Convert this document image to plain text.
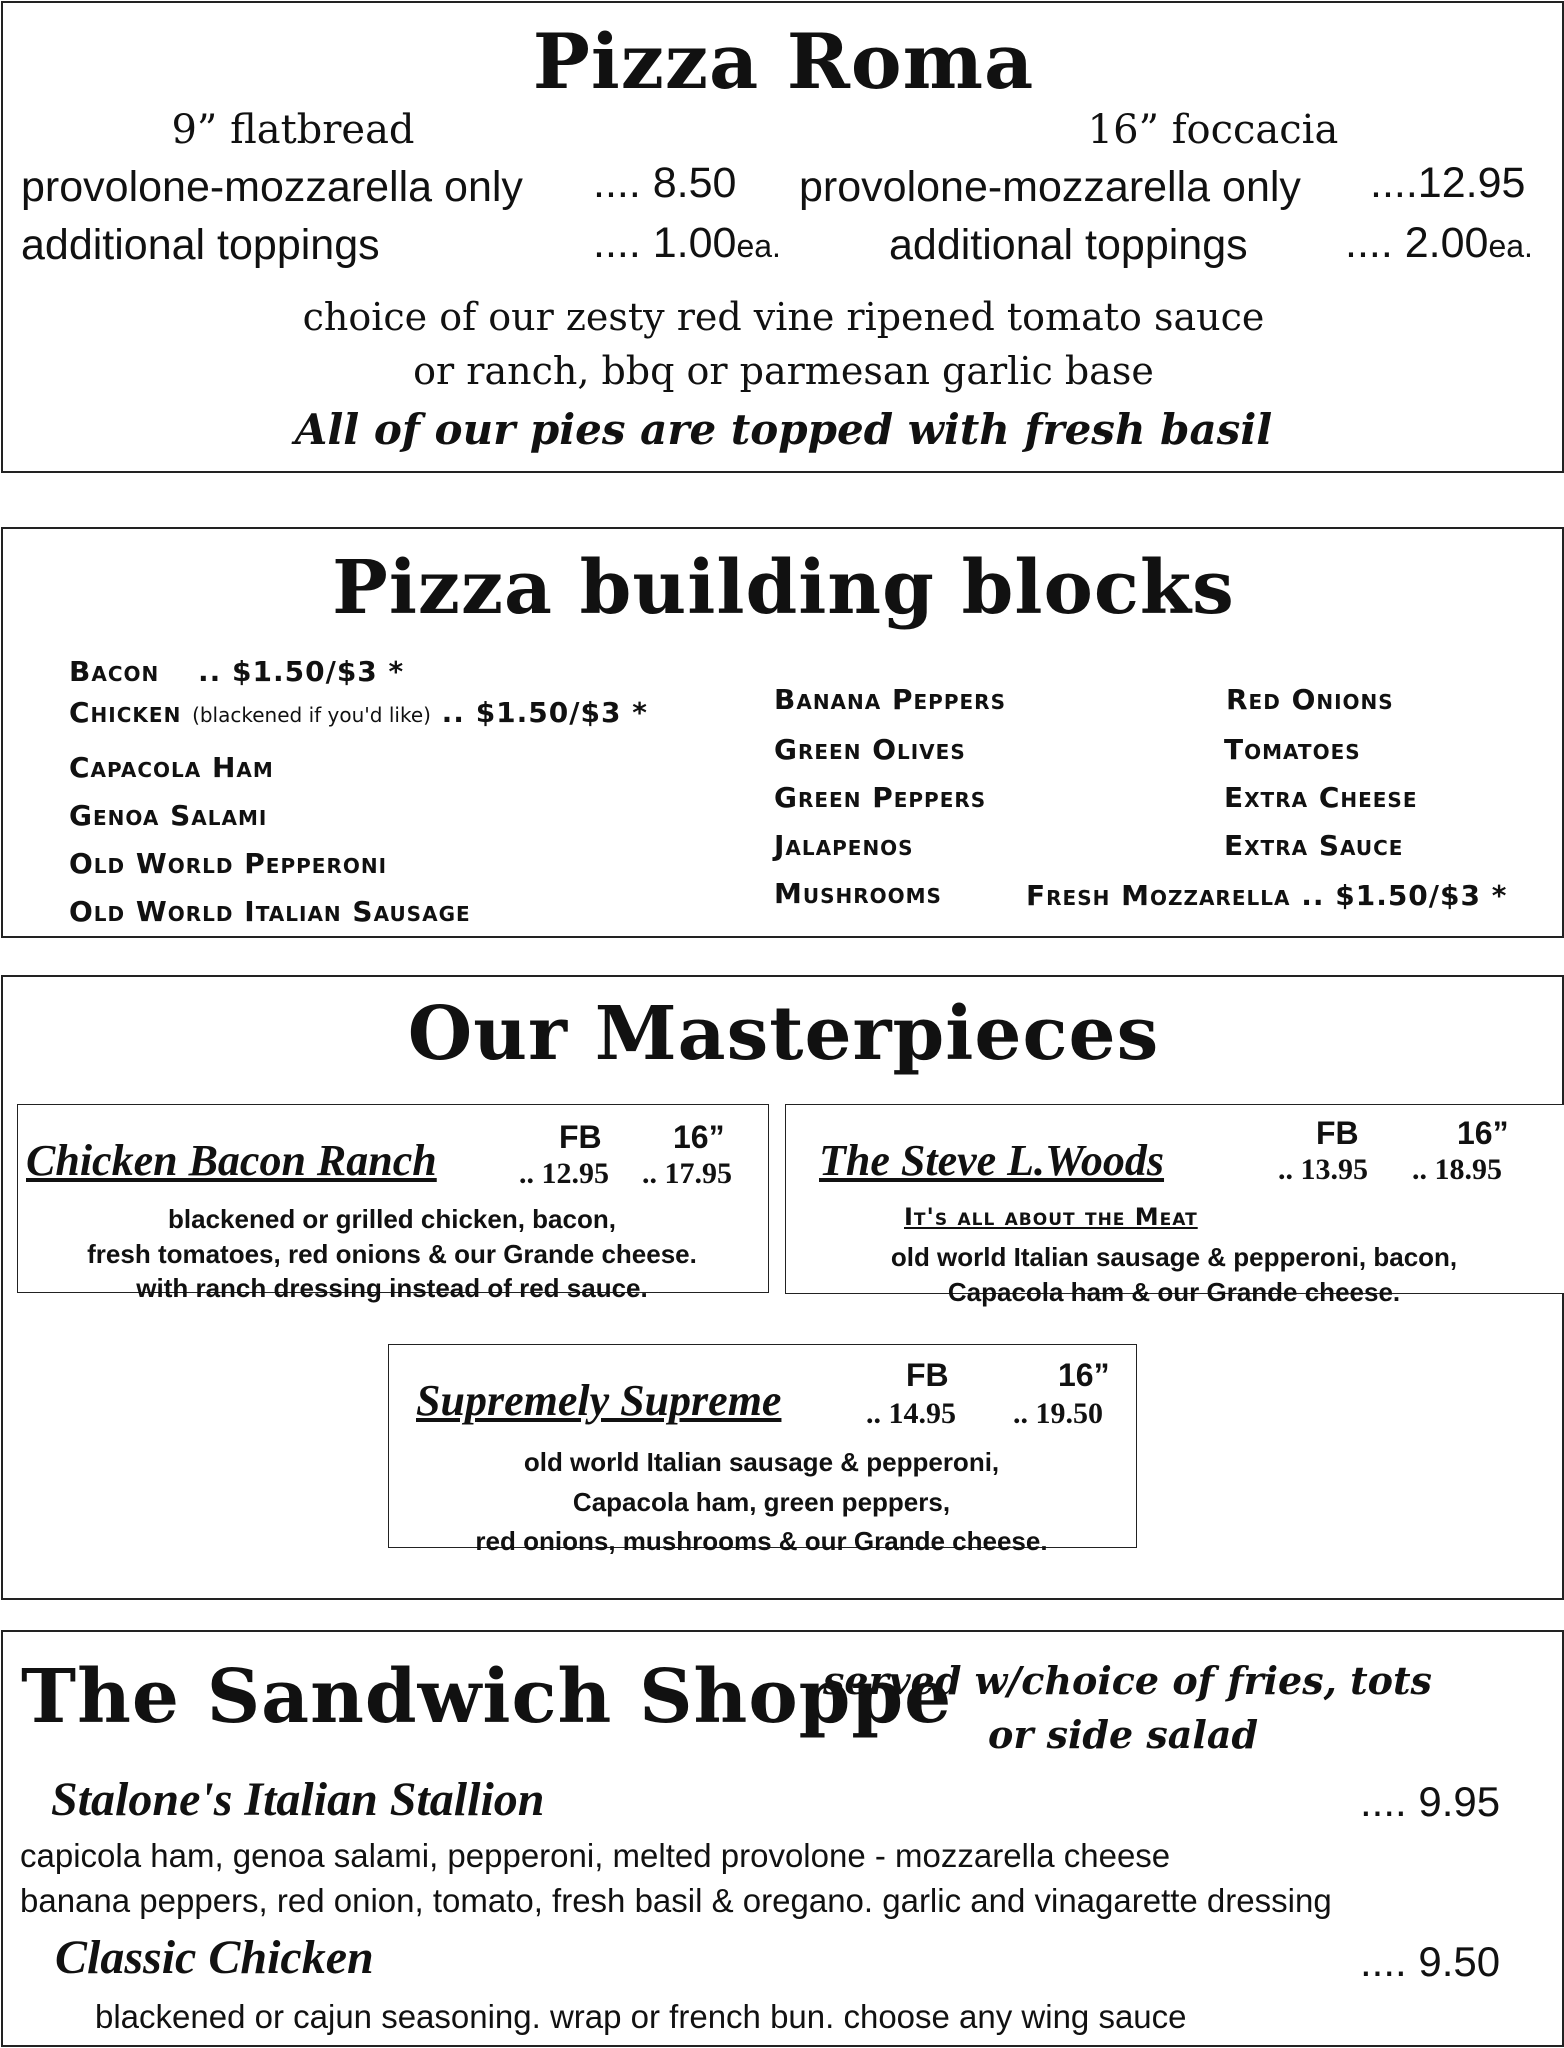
Pizza Roma
9” flatbread	16” foccacia
provolone-mozzarella only .... 8.50
additional toppings	.... 1.00ea.
provolone-mozzarella only ....12.95
additional toppings .... 2.00ea.
choice of our zesty red vine ripened tomato sauce
or ranch, bbq or parmesan garlic base
All of our pies are topped with fresh basil
Pizza building blocks
Bacon .. $1.50/$3 *
Chicken (blackened if you'd like) .. $1.50/$3 *
Capacola Ham
Genoa Salami
Old World Pepperoni
Old World Italian Sausage
Banana Peppers
Green Olives
Green Peppers
Jalapenos
Mushrooms
Red Onions
Tomatoes
Extra Cheese
Extra Sauce
Fresh Mozzarella .. $1.50/$3 *
Our Masterpieces
Chicken Bacon Ranch	FB 16”
.. 12.95 .. 17.95
blackened or grilled chicken, bacon,
fresh tomatoes, red onions & our Grande cheese.
with ranch dressing instead of red sauce.
The Steve L.Woods
FB	16”
.. 13.95 .. 18.95
It's all about the Meat
old world Italian sausage & pepperoni, bacon,
Capacola ham & our Grande cheese.
Supremely Supreme
FB	16”
.. 14.95 .. 19.50
old world Italian sausage & pepperoni,
Capacola ham, green peppers,
red onions, mushrooms & our Grande cheese.
The Sandwich Shoppe
served w/choice of fries, tots
or side salad
Stalone's Italian Stallion	.... 9.95
capicola ham, genoa salami, pepperoni, melted provolone - mozzarella cheese
banana peppers, red onion, tomato, fresh basil & oregano. garlic and vinagarette dressing
Classic Chicken	.... 9.50
blackened or cajun seasoning. wrap or french bun. choose any wing sauce
